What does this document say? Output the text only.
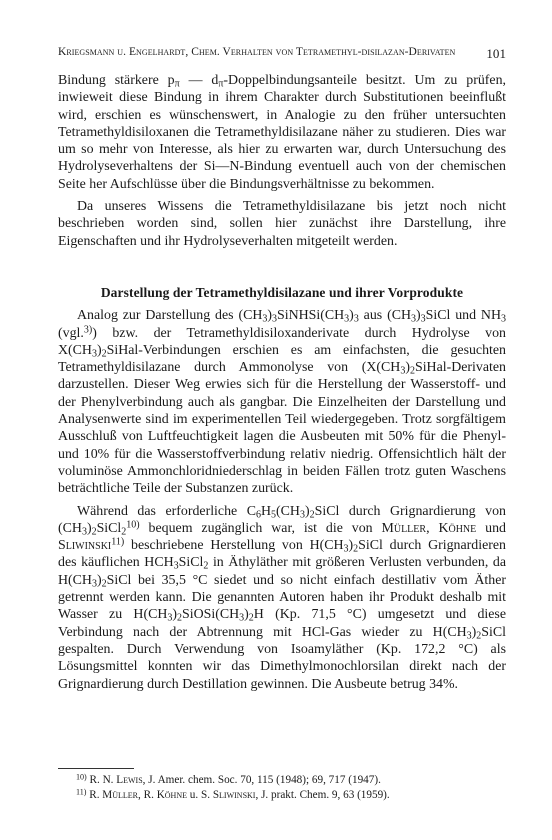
Kriegsmann u. Engelhardt, Chem. Verhalten von Tetramethyl-disilazan-Derivaten 101

Bindung stärkere $p_\pi$ — $d_\pi$-Doppelbindungsanteile besitzt. Um zu prüfen, inwieweit diese Bindung in ihrem Charakter durch Substitutionen beeinflußt wird, erschien es wünschenswert, in Analogie zu den früher untersuchten Tetramethyldisiloxanen die Tetramethyldisilazane näher zu studieren. Dies war um so mehr von Interesse, als hier zu erwarten war, durch Untersuchung des Hydrolyseverhaltens der Si—N-Bindung eventuell auch von der chemischen Seite her Aufschlüsse über die Bindungsverhältnisse zu bekommen.

Da unseres Wissens die Tetramethyldisilazane bis jetzt noch nicht beschrieben worden sind, sollen hier zunächst ihre Darstellung, ihre Eigenschaften und ihr Hydrolyseverhalten mitgeteilt werden.

Darstellung der Tetramethyldisilazane und ihrer Vorprodukte

Analog zur Darstellung des $(CH_3)_3SiNHSi(CH_3)_3$ aus $(CH_3)_3SiCl$ und $NH_3$ (vgl.$^{3)}$) bzw. der Tetramethyldisiloxanderivate durch Hydrolyse von $X(CH_3)_2SiHal$-Verbindungen erschien es am einfachsten, die gesuchten Tetramethyldisilazane durch Ammonolyse von ($X(CH_3)_2SiHal$-Derivaten darzustellen. Dieser Weg erwies sich für die Herstellung der Wasserstoff- und der Phenylverbindung auch als gangbar. Die Einzelheiten der Darstellung und Analysenwerte sind im experimentellen Teil wiedergegeben. Trotz sorgfältigem Ausschluß von Luftfeuchtigkeit lagen die Ausbeuten mit 50% für die Phenyl- und 10% für die Wasserstoffverbindung relativ niedrig. Offensichtlich hält der voluminöse Ammonchloridniederschlag in beiden Fällen trotz guten Waschens beträchtliche Teile der Substanzen zurück.

Während das erforderliche $C_6H_5(CH_3)_2SiCl$ durch Grignardierung von $(CH_3)_2SiCl_2^{10)}$ bequem zugänglich war, ist die von Müller, Köhne und Sliwinski$^{11)}$ beschriebene Herstellung von $H(CH_3)_2SiCl$ durch Grignardieren des käuflichen $HCH_3SiCl_2$ in Äthyläther mit größeren Verlusten verbunden, da $H(CH_3)_2SiCl$ bei 35,5 °C siedet und so nicht einfach destillativ vom Äther getrennt werden kann. Die genannten Autoren haben ihr Produkt deshalb mit Wasser zu $H(CH_3)_2SiOSi(CH_3)_2H$ (Kp. 71,5 °C) umgesetzt und diese Verbindung nach der Abtrennung mit HCl-Gas wieder zu $H(CH_3)_2SiCl$ gespalten. Durch Verwendung von Isoamyläther (Kp. 172,2 °C) als Lösungsmittel konnten wir das Dimethylmonochlorsilan direkt nach der Grignardierung durch Destillation gewinnen. Die Ausbeute betrug 34%.

$^{10)}$ R. N. Lewis, J. Amer. chem. Soc. 70, 115 (1948); 69, 717 (1947).

$^{11)}$ R. Müller, R. Köhne u. S. Sliwinski, J. prakt. Chem. 9, 63 (1959).
